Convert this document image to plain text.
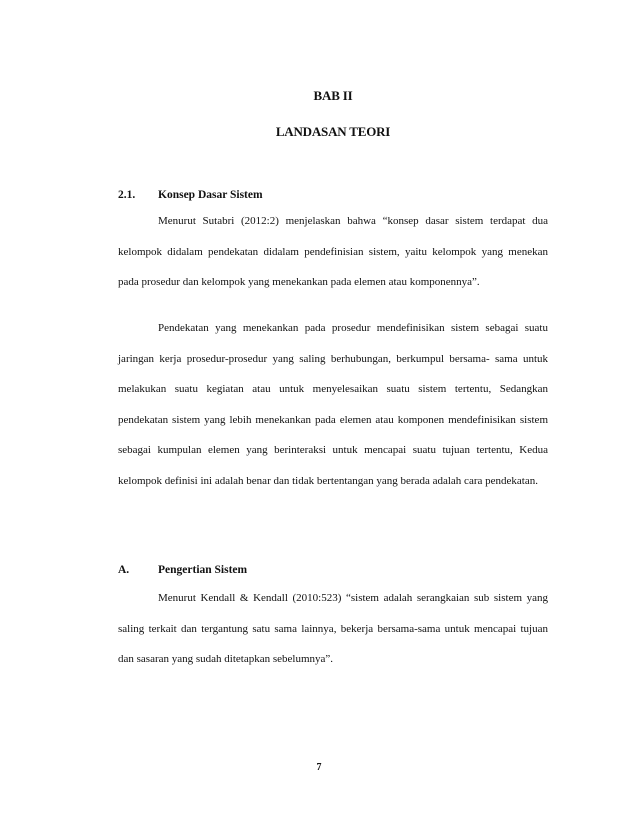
BAB II
LANDASAN TEORI
2.1. Konsep Dasar Sistem

Menurut Sutabri (2012:2) menjelaskan bahwa “konsep dasar sistem terdapat dua kelompok didalam pendekatan didalam pendefinisian sistem, yaitu kelompok yang menekan pada prosedur dan kelompok yang menekankan pada elemen atau komponennya”.

Pendekatan yang menekankan pada prosedur mendefinisikan sistem sebagai suatu jaringan kerja prosedur-prosedur yang saling berhubungan, berkumpul bersama- sama untuk melakukan suatu kegiatan atau untuk menyelesaikan suatu sistem tertentu, Sedangkan pendekatan sistem yang lebih menekankan pada elemen atau komponen mendefinisikan sistem sebagai kumpulan elemen yang berinteraksi untuk mencapai suatu tujuan tertentu, Kedua kelompok definisi ini adalah benar dan tidak bertentangan yang berada adalah cara pendekatan.

A.	Pengertian Sistem

Menurut Kendall & Kendall (2010:523) “sistem adalah serangkaian sub sistem yang saling terkait dan tergantung satu sama lainnya, bekerja bersama-sama untuk mencapai tujuan dan sasaran yang sudah ditetapkan sebelumnya”.

7
